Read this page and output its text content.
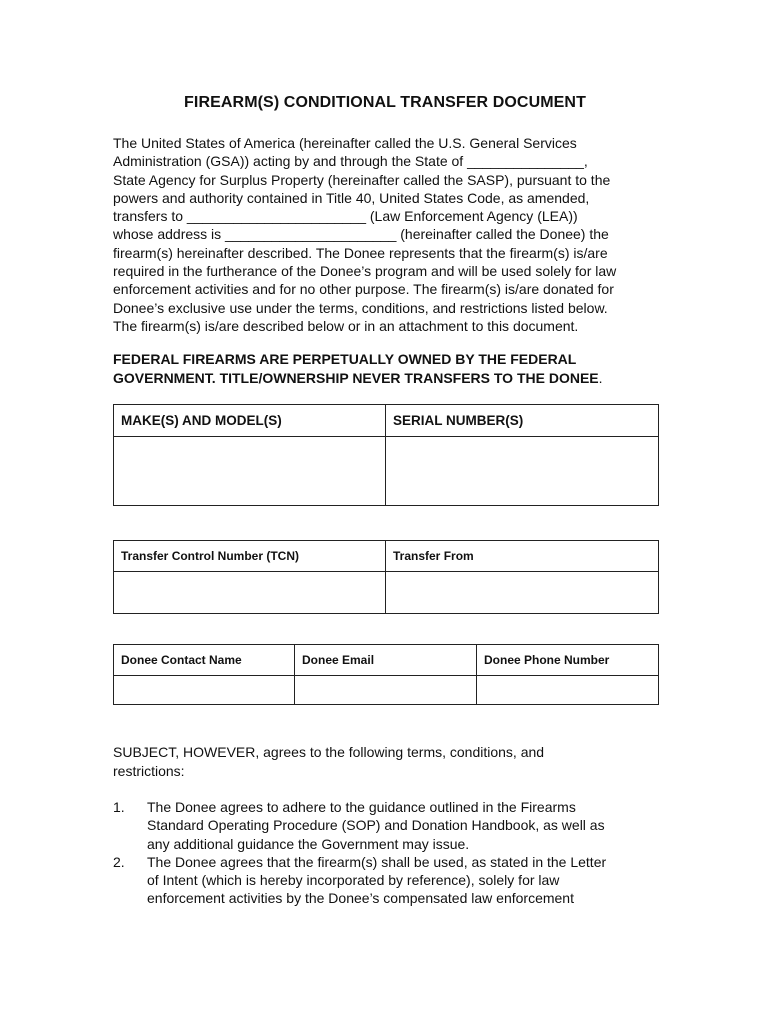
FIREARM(S) CONDITIONAL TRANSFER DOCUMENT
The United States of America (hereinafter called the U.S. General Services
Administration (GSA)) acting by and through the State of _______________,
State Agency for Surplus Property (hereinafter called the SASP), pursuant to the
powers and authority contained in Title 40, United States Code, as amended,
transfers to _______________________ (Law Enforcement Agency (LEA))
whose address is ______________________ (hereinafter called the Donee) the
firearm(s) hereinafter described. The Donee represents that the firearm(s) is/are
required in the furtherance of the Donee’s program and will be used solely for law
enforcement activities and for no other purpose. The firearm(s) is/are donated for
Donee’s exclusive use under the terms, conditions, and restrictions listed below.
The firearm(s) is/are described below or in an attachment to this document.
FEDERAL FIREARMS ARE PERPETUALLY OWNED BY THE FEDERAL
GOVERNMENT. TITLE/OWNERSHIP NEVER TRANSFERS TO THE DONEE.
MAKE(S) AND MODEL(S)	SERIAL NUMBER(S)

Transfer Control Number (TCN)	Transfer From

Donee Contact Name	Donee Email	Donee Phone Number

SUBJECT, HOWEVER, agrees to the following terms, conditions, and
restrictions:
1. The Donee agrees to adhere to the guidance outlined in the Firearms
Standard Operating Procedure (SOP) and Donation Handbook, as well as
any additional guidance the Government may issue.
2. The Donee agrees that the firearm(s) shall be used, as stated in the Letter
of Intent (which is hereby incorporated by reference), solely for law
enforcement activities by the Donee’s compensated law enforcement
